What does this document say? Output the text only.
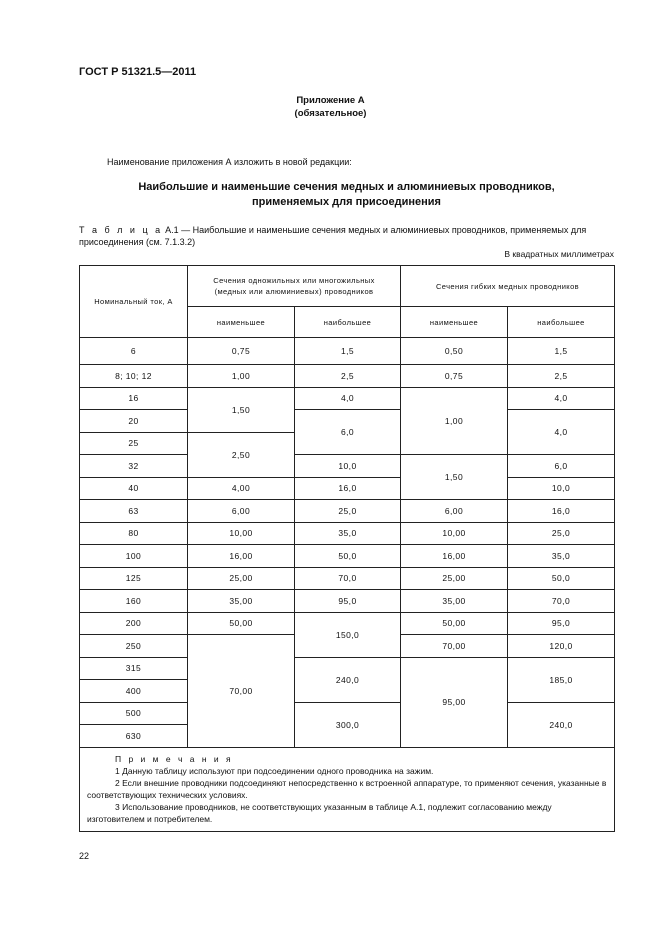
ГОСТ Р 51321.5—2011
Приложение А
(обязательное)
Наименование приложения А изложить в новой редакции:
Наибольшие и наименьшие сечения медных и алюминиевых проводников,
применяемых для присоединения
Т а б л и ц а А.1 — Наибольшие и наименьшие сечения медных и алюминиевых проводников, применяемых для присоединения (см. 7.1.3.2)
В квадратных миллиметрах
Номинальный ток, А	Сечения одножильных или многожильных (медных или алюминиевых) проводников		Сечения гибких медных проводников	
	наименьшее	наибольшее	наименьшее	наибольшее
6	0,75	1,5	0,50	1,5
8; 10; 12	1,00	2,5	0,75	2,5
16	1,50	4,0	1,00	4,0
20		6,0		4,0
25	2,50			
32		10,0	1,50	6,0
40	4,00	16,0		10,0
63	6,00	25,0	6,00	16,0
80	10,00	35,0	10,00	25,0
100	16,00	50,0	16,00	35,0
125	25,00	70,0	25,00	50,0
160	35,00	95,0	35,00	70,0
200	50,00	150,0	50,00	95,0
250	70,00		70,00	120,0
315		240,0	95,00	185,0
400				
500		300,0		240,0
630				

П р и м е ч а н и я
1 Данную таблицу используют при подсоединении одного проводника на зажим.
2 Если внешние проводники подсоединяют непосредственно к встроенной аппаратуре, то применяют сечения, указанные в соответствующих технических условиях.
3 Использование проводников, не соответствующих указанным в таблице А.1, подлежит согласованию между изготовителем и потребителем.				
22
